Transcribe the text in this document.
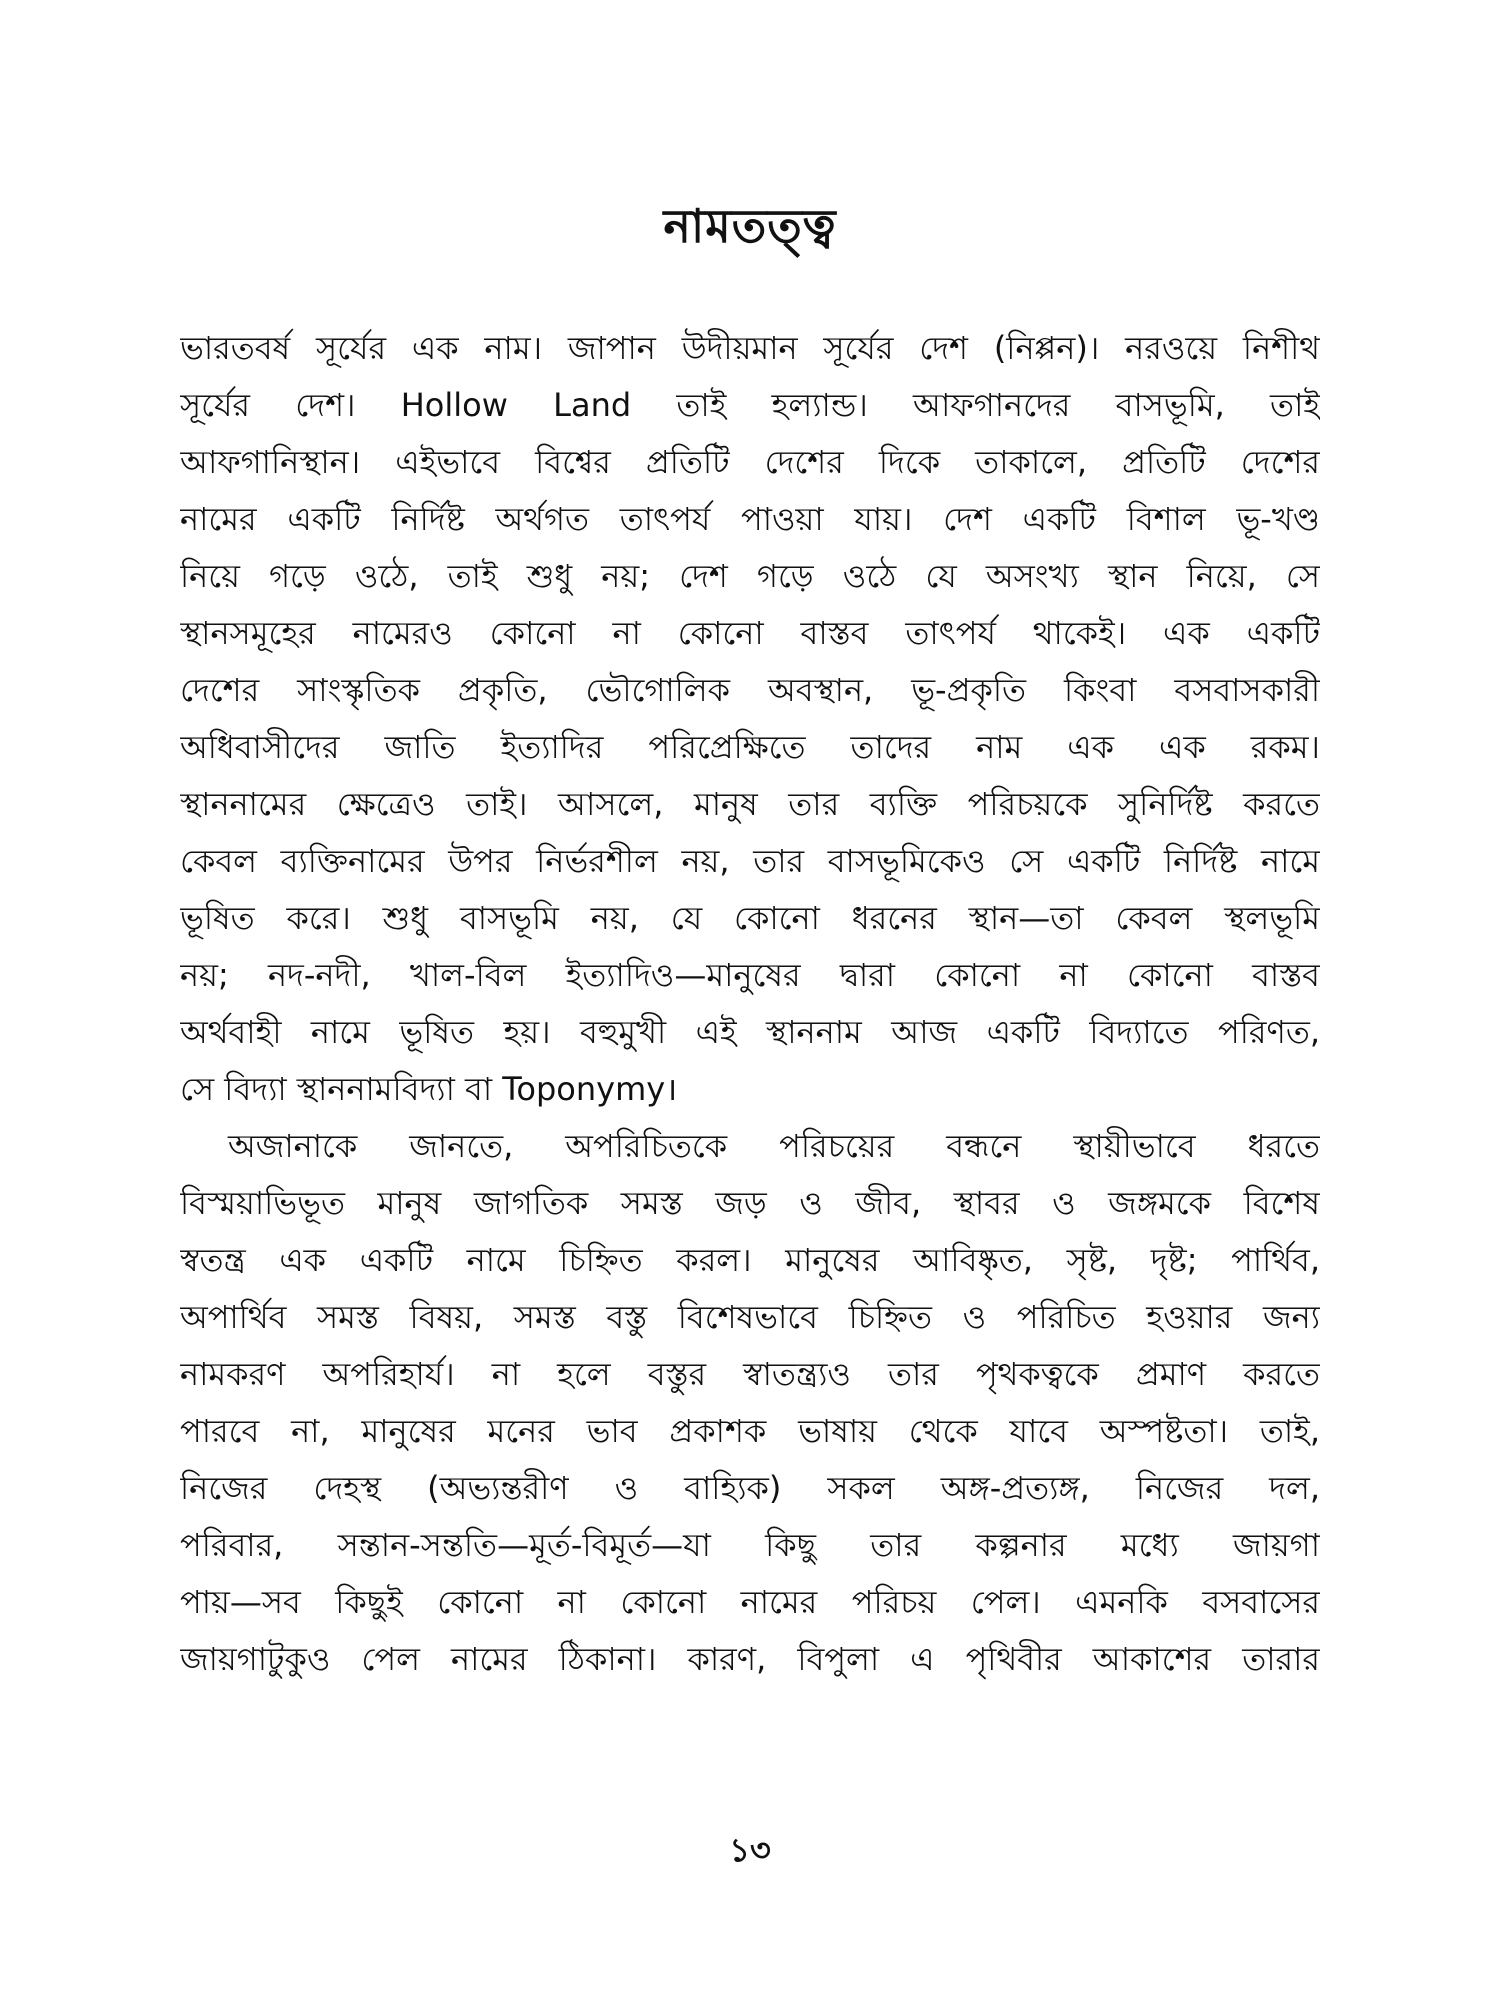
নামতত্ত্ব
ভারতবর্ষ সূর্যের এক নাম। জাপান উদীয়মান সূর্যের দেশ (নিপ্পন)। নরওয়ে নিশীথ
সূর্যের দেশ। Hollow Land তাই হল্যান্ড। আফগানদের বাসভূমি, তাই
আফগানিস্থান। এইভাবে বিশ্বের প্রতিটি দেশের দিকে তাকালে, প্রতিটি দেশের
নামের একটি নির্দিষ্ট অর্থগত তাৎপর্য পাওয়া যায়। দেশ একটি বিশাল ভূ-খণ্ড
নিয়ে গড়ে ওঠে, তাই শুধু নয়; দেশ গড়ে ওঠে যে অসংখ্য স্থান নিয়ে, সে
স্থানসমূহের নামেরও কোনো না কোনো বাস্তব তাৎপর্য থাকেই। এক একটি
দেশের সাংস্কৃতিক প্রকৃতি, ভৌগোলিক অবস্থান, ভূ-প্রকৃতি কিংবা বসবাসকারী
অধিবাসীদের জাতি ইত্যাদির পরিপ্রেক্ষিতে তাদের নাম এক এক রকম।
স্থাননামের ক্ষেত্রেও তাই। আসলে, মানুষ তার ব্যক্তি পরিচয়কে সুনির্দিষ্ট করতে
কেবল ব্যক্তিনামের উপর নির্ভরশীল নয়, তার বাসভূমিকেও সে একটি নির্দিষ্ট নামে
ভূষিত করে। শুধু বাসভূমি নয়, যে কোনো ধরনের স্থান—তা কেবল স্থলভূমি
নয়; নদ-নদী, খাল-বিল ইত্যাদিও—মানুষের দ্বারা কোনো না কোনো বাস্তব
অর্থবাহী নামে ভূষিত হয়। বহুমুখী এই স্থাননাম আজ একটি বিদ্যাতে পরিণত,
সে বিদ্যা স্থাননামবিদ্যা বা Toponymy।
অজানাকে জানতে, অপরিচিতকে পরিচয়ের বন্ধনে স্থায়ীভাবে ধরতে
বিস্ময়াভিভূত মানুষ জাগতিক সমস্ত জড় ও জীব, স্থাবর ও জঙ্গমকে বিশেষ
স্বতন্ত্র এক একটি নামে চিহ্নিত করল। মানুষের আবিষ্কৃত, সৃষ্ট, দৃষ্ট; পার্থিব,
অপার্থিব সমস্ত বিষয়, সমস্ত বস্তু বিশেষভাবে চিহ্নিত ও পরিচিত হওয়ার জন্য
নামকরণ অপরিহার্য। না হলে বস্তুর স্বাতন্ত্র্যও তার পৃথকত্বকে প্রমাণ করতে
পারবে না, মানুষের মনের ভাব প্রকাশক ভাষায় থেকে যাবে অস্পষ্টতা। তাই,
নিজের দেহস্থ (অভ্যন্তরীণ ও বাহ্যিক) সকল অঙ্গ-প্রত্যঙ্গ, নিজের দল,
পরিবার, সন্তান-সন্ততি—মূর্ত-বিমূর্ত—যা কিছু তার কল্পনার মধ্যে জায়গা
পায়—সব কিছুই কোনো না কোনো নামের পরিচয় পেল। এমনকি বসবাসের
জায়গাটুকুও পেল নামের ঠিকানা। কারণ, বিপুলা এ পৃথিবীর আকাশের তারার
১৩
